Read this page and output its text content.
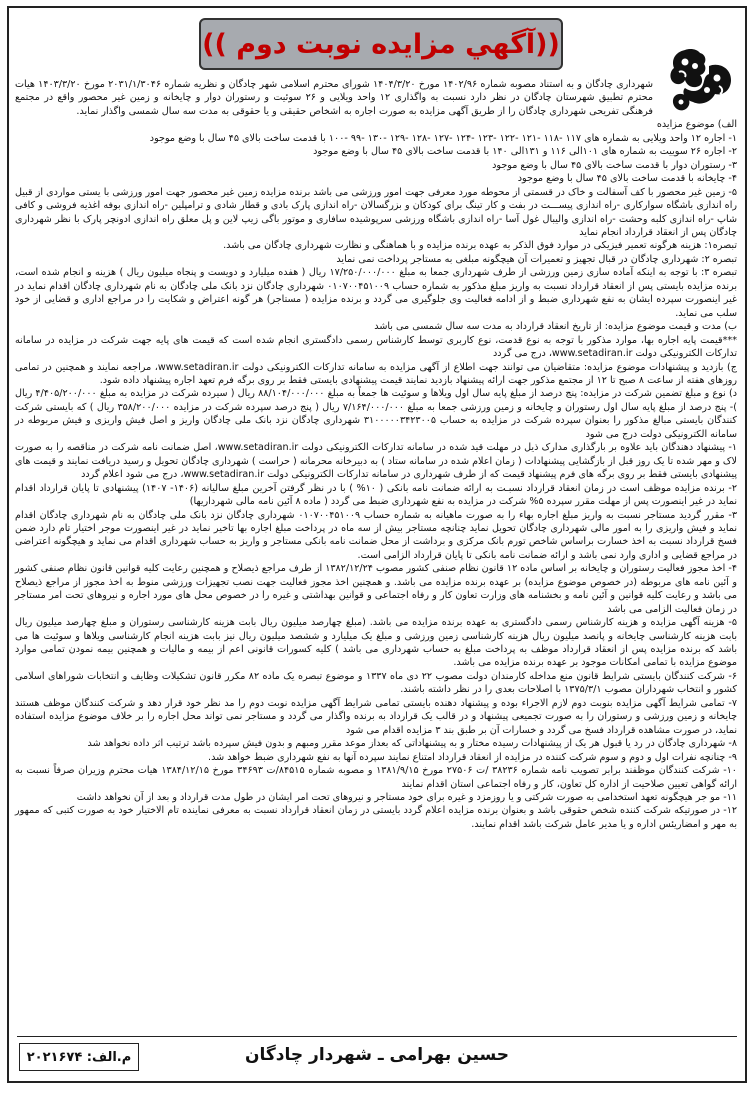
((آگهي مزايده نوبت دوم ))

شهرداری چادگان و به استناد مصوبه شماره ۱۴۰۲/۹۶ مورخ ۱۴۰۴/۳/۲۰ شورای محترم اسلامی شهر چادگان و نظریه شماره ۲۰۳۱/۱/۳۰۴۶ مورخ ۱۴۰۳/۳/۲۰ هیات محترم تطبیق شهرستان چادگان در نظر دارد نسبت به واگذاری ۱۲ واحد ویلایی و ۲۶ سوئیت و رستوران دوار و چایخانه و زمین غیر محصور واقع در مجتمع فرهنگی تفریحی شهرداری چادگان را از طریق آگهی مزایده به صورت اجاره به اشخاص حقیقی و یا حقوقی به مدت سه سال شمسی واگذار نماید.

الف) موضوع مزایده

۱- اجاره ۱۲ واحد ویلایی به شماره های ۱۱۷ -۱۱۸ -۱۲۱ -۱۲۲ -۱۲۳ -۱۲۴ -۱۲۷ -۱۲۸ -۱۲۹ -۱۳۰ -۹۹ -۱۰۰ با قدمت ساخت بالای ۴۵ سال با وضع موجود

۲- اجاره ۲۶ سوییت به شماره های ۱۰۱الی ۱۱۶ و ۱۳۱الی ۱۴۰ با قدمت ساخت بالای ۴۵ سال با وضع موجود

۳- رستوران دوار با قدمت ساخت بالای ۴۵ سال با وضع موجود

۴- چایخانه با قدمت ساخت بالای ۴۵ سال با وضع موجود

۵- زمین غیر محصور با کف آسفالت و خاک در قسمتی از محوطه مورد معرفی جهت امور ورزشی می باشد برنده مزایده زمین غیر محصور جهت امور ورزشی با یستی مواردی از قبیل راه اندازی باشگاه سوارکاری -راه اندازی پیســـت در بفت و کار تینگ برای کودکان و بزرگسالان -راه اندازی پارک بادی و قطار شادی و ترامپلین -راه اندازی بوفه اغذیه فروشی و کافی شاپ -راه اندازی کلبه وحشت -راه اندازی والیبال غول آسا -راه اندازی باشگاه ورزشی سرپوشیده سافاری و موتور باگی زیپ لاین و پل معلق راه اندازی ادونچر پارک با نظر شهرداری چادگان پس از انعقاد قرارداد انجام نماید

تبصره۱: هزینه هرگونه تعمیر فیزیکی در موارد فوق الذکر به عهده برنده مزایده و با هماهنگی و نظارت شهرداری چادگان می باشد.

تبصره ۲: شهرداری چادگان در قبال تجهیز و تعمیرات آن هیچگونه مبلغی به مستاجر پرداخت نمی نماید

تبصره ۳: با توجه به اینکه آماده سازی زمین ورزشی از طرف شهرداری جمعا به مبلغ ۱۷/۲۵۰/۰۰۰/۰۰۰ ریال ( هفده میلیارد و دویست و پنجاه میلیون ریال ) هزینه و انجام شده است، برنده مزایده بایستی پس از انعقاد قرارداد نسبت به واریز مبلغ مذکور به شماره حساب ۰۱۰۷۰۰۴۵۱۰۰۹ شهرداری چادگان نزد بانک ملی چادگان به نام شهرداری چادگان اقدام نماید در غیر اینصورت سپرده ایشان به نفع شهرداری ضبط و از ادامه فعالیت وی جلوگیری می گردد و برنده مزایده ( مستاجر) هر گونه اعتراض و شکایت را در مراجع اداری و قضایی از خود سلب می نماید.

ب) مدت و قیمت موضوع مزایده: از تاریخ انعقاد قرارداد به مدت سه سال شمسی می باشد

***قیمت پایه اجاره بها، موارد مذکور با توجه به نوع قدمت، نوع کاربری توسط کارشناس رسمی دادگستری انجام شده است که قیمت های پایه جهت شرکت در مزایده در سامانه تدارکات الکترونیکی دولت www.setadiran.ir، درج می گردد

ج) بازدید و پیشنهادات موضوع مزایده: متقاضیان می توانند جهت اطلاع از آگهی مزایده به سامانه تدارکات الکترونیکی دولت www.setadiran.ir، مراجعه نمایند و همچنین در تمامی روزهای هفته از ساعت ۸ صبح تا ۱۲ از مجتمع مذکور جهت ارائه پیشنهاد بازدید نمایند قیمت پیشنهادی بایستی فقط بر روی برگه فرم تعهد اجاره پیشنهاد داده شود.

د) نوع و مبلغ تضمین شرکت در مزایده: پنج درصد از مبلغ پایه سال اول ویلاها و سوئیت ها جمعاً به مبلغ ۸۸/۱۰۴/۰۰۰/۰۰۰ ریال ( سیرده شرکت در مزایده به مبلغ ۴/۴۰۵/۲۰۰/۰۰۰ ریال )- پنج درصد از مبلغ پایه سال اول رستوران و چایخانه و زمین ورزشی جمعا به مبلغ ۷/۱۶۴/۰۰۰/۰۰۰ ریال ( پنج درصد سپرده شرکت در مزایده ۳۵۸/۲۰۰/۰۰۰ ریال ) که بایستی شرکت کنندگان بایستی مبالغ مذکور را بعنوان سپرده شرکت در مزایده به حساب ۳۱۰۰۰۰۰۳۴۲۳۰۰۵ شهرداری چادگان نزد بانک ملی چادگان واریز و اصل فیش واریزی و فیش مربوطه در سامانه الکترونیکی دولت درج می شود

۱- پیشنهاد دهندگان باید علاوه بر بارگذاری مدارک ذیل در مهلت قید شده در سامانه تدارکات الکترونیکی دولت www.setadiran.ir، اصل ضمانت نامه شرکت در مناقصه را به صورت لاک و مهر شده تا یک روز قبل از بازگشایی پیشنهادات ( زمان اعلام شده در سامانه ستاد ) به دبیرخانه محرمانه ( حراست ) شهرداری چادگان تحویل و رسید دریافت نمایند و قیمت های پیشنهادی بایستی فقط بر روی برگه های فرم پیشنهاد قیمت که از طرف شهرداری در سامانه تدارکات الکترونیکی دولت www.setadiran.ir، درج می شود اعلام گردد

۲- برنده مزایده موظف است در زمان انعقاد قرارداد نسبـت به ارائه ضمانت نامه بانکی ( ۱۰% ) با در نظر گرفتن آخرین مبلغ سالیانه (۱۴۰۶- ۱۴۰۷) پیشنهادی تا پایان قرارداد اقدام نماید در غیر اینصورت پس از مهلت مقرر سپرده ۵% شرکت در مزایده به نفع شهرداری ضبط می گردد ( ماده ۸ آئین نامه مالی شهرداریها)

۳- مقرر گردید مستاجر نسبت به واریز مبلغ اجاره بهاء را به صورت ماهیانه به شماره حساب ۰۱۰۷۰۰۴۵۱۰۰۹ شهرداری چادگان نزد بانک ملی چادگان به نام شهرداری چادگان اقدام نماید و فیش واریزی را به امور مالی شهرداری چادگان تحویل نماید چنانچه مستاجر بیش از سه ماه در پرداخت مبلغ اجاره بها تاخیر نماید در غیر اینصورت موجر اختیار تام دارد ضمن فسخ قرارداد نسبت به اخذ خسارت براساس شاخص تورم بانک مرکزی و برداشت از محل ضمانت نامه بانکی مستاجر و واریز به حساب شهرداری اقدام می نماید و هیچگونه اعتراضی در مراجع قضایی و اداری وارد نمی باشد و ارائه ضمانت نامه بانکی تا پایان قرارداد الزامی است.

۴- اخذ مجوز فعالیت رستوران و چایخانه بر اساس ماده ۱۲ قانون نظام صنفی کشور مصوب ۱۳۸۲/۱۲/۲۴ از طرف مراجع ذیصلاح و همچنین رعایت کلیه قوانین قانون نظام صنفی کشور و آئین نامه های مربوطه (در خصوص موضوع مزایده) بر عهده برنده مزایده می باشد. و همچنین اخذ مجوز فعالیت جهت نصب تجهیزات ورزشی منوط به اخذ مجوز از مراجع ذیصلاح می باشد و رعایت کلیه قوانین و آئین نامه و بخشنامه های وزارت تعاون کار و رفاه اجتماعی و قوانین بهداشتی و غیره را در خصوص محل های مورد اجاره و نیروهای تحت امر مستاجر در زمان فعالیت الزامی می باشد

۵- هزینه آگهی مزایده و هزینه کارشناس رسمی دادگستری به عهده برنده مزایده می باشد. (مبلغ چهارصد میلیون ریال بابت هزینه کارشناسی رستوران و مبلغ چهارصد میلیون ریال بابت هزینه کارشناسی چایخانه و پانصد میلیون ریال هزینه کارشناسی زمین ورزشی و مبلغ یک میلیارد و ششصد میلیون ریال نیز بابت هزینه انجام کارشناسی ویلاها و سوئیت ها می باشد که برنده مزایده پس از انعقاد قرارداد موظف به پرداخت مبلغ به حساب شهرداری می باشد ) کلیه کسورات قانونی اعم از بیمه و مالیات و همچنین بیمه نمودن تمامی موارد موضوع مزایده با تمامی امکانات موجود بر عهده برنده مزایده می باشد.

۶- شرکت کنندگان بایستی شرایط قانون منع مداخله کارمندان دولت مصوب ۲۲ دی ماه ۱۳۳۷ و موضوع تبصره یک ماده ۸۲ مکرر قانون تشکیلات وظایف و انتخابات شوراهای اسلامی کشور و انتخاب شهرداران مصوب ۱۳۷۵/۳/۱ با اصلاحات بعدی را در نظر داشته باشند.

۷- تمامی شرایط آگهی مزایده بنوبت دوم لازم الاجراء بوده و پیشنهاد دهنده بایستی تمامی شرایط آگهی مزایده نوبت دوم را مد نظر خود قرار دهد و شرکت کنندگان موظف هستند چایخانه و زمین ورزشی و رستوران را به صورت تجمیعی پیشنهاد و در قالب یک قرارداد به برنده واگذار می گردد و مستاجر نمی تواند محل اجاره را بر خلاف موضوع مزایده استفاده نماید، در صورت مشاهده قرارداد فسخ می گردد و خسارات آن بر طبق بند ۳ مزایده اقدام می شود

۸- شهرداری چادگان در رد یا قبول هر یک از پیشنهادات رسیده مختار و به پیشنهاداتی که بعداز موعد مقرر ومبهم و بدون فیش سپرده باشد ترتیب اثر داده نخواهد شد

۹- چنانچه نفرات اول و دوم و سوم شرکت کننده در مزایده از انعقاد قرارداد امتناع نمایند سپرده آنها به نفع شهرداری ضبط خواهد شد.

۱۰- شرکت کنندگان موظفند برابر تصویب نامه شماره ۳۸۲۳۶ /ت ۲۷۵۰۶ مورخ ۱۳۸۱/۹/۱۵ و مصوبه شماره ۸۴۵۱۵/ت ۳۴۶۹۳ مورخ ۱۳۸۴/۱۲/۱۵ هیات محترم وزیران صرفاً نسبت به ارائه گواهی تعیین صلاحیت از اداره کل تعاون، کار و رفاه اجتماعی استان اقدام نمایند

۱۱- مو جر هیچگونه تعهد استخدامی به صورت شرکتی و یا روزمزد و غیره برای خود مستاجر و نیروهای تحت امر ایشان در طول مدت قرارداد و بعد از آن نخواهد داشت

۱۲- در صورتیکه شرکت کننده شخص حقوقی باشد و بعنوان برنده مزایده اعلام گردد بایستی در زمان انعقاد قرارداد نسبت به معرفی نماینده تام الاختیار خود به صورت کتبی که ممهور به مهر و امضاریئس اداره و یا مدیر عامل شرکت باشد اقدام نمایند.

حسین بهرامی ـ شهردار چادگان
م.الف: ۲۰۲۱۶۷۴
